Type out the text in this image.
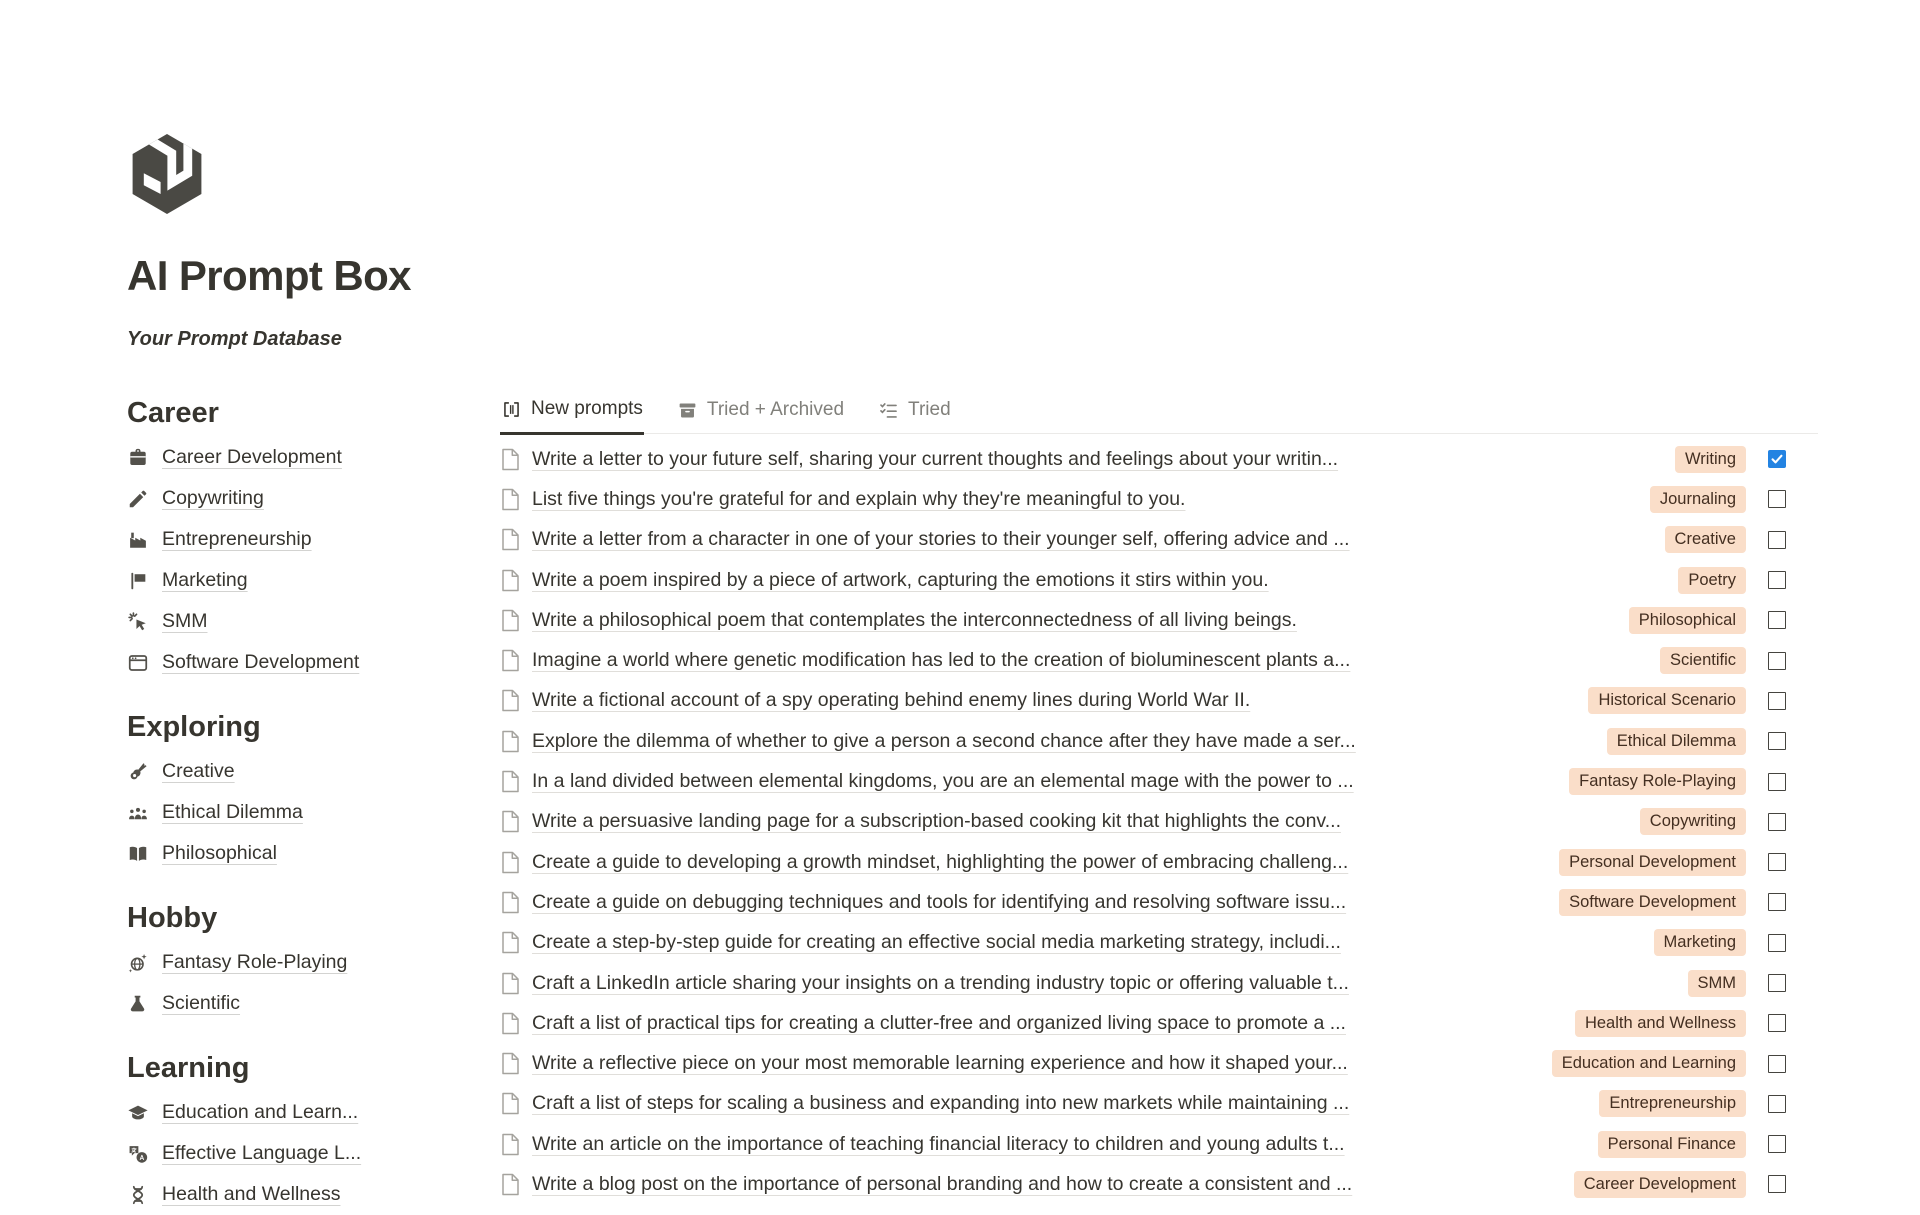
AI Prompt Box
Your Prompt Database
Career
Career Development
Copywriting
Entrepreneurship
Marketing
SMM
Software Development
Exploring
Creative
Ethical Dilemma
Philosophical
Hobby
Fantasy Role-Playing
Scientific
Learning
Education and Learn...
Effective Language L...
Health and Wellness
New prompts	Tried + Archived	Tried
Write a letter to your future self, sharing your current thoughts and feelings about your writin...	Writing
List five things you're grateful for and explain why they're meaningful to you.	Journaling
Write a letter from a character in one of your stories to their younger self, offering advice and ...	Creative
Write a poem inspired by a piece of artwork, capturing the emotions it stirs within you.	Poetry
Write a philosophical poem that contemplates the interconnectedness of all living beings.	Philosophical
Imagine a world where genetic modification has led to the creation of bioluminescent plants a...	Scientific
Write a fictional account of a spy operating behind enemy lines during World War II.	Historical Scenario
Explore the dilemma of whether to give a person a second chance after they have made a ser...	Ethical Dilemma
In a land divided between elemental kingdoms, you are an elemental mage with the power to ...	Fantasy Role-Playing
Write a persuasive landing page for a subscription-based cooking kit that highlights the conv...	Copywriting
Create a guide to developing a growth mindset, highlighting the power of embracing challeng...	Personal Development
Create a guide on debugging techniques and tools for identifying and resolving software issu...	Software Development
Create a step-by-step guide for creating an effective social media marketing strategy, includi...	Marketing
Craft a LinkedIn article sharing your insights on a trending industry topic or offering valuable t...	SMM
Craft a list of practical tips for creating a clutter-free and organized living space to promote a ...	Health and Wellness
Write a reflective piece on your most memorable learning experience and how it shaped your...	Education and Learning
Craft a list of steps for scaling a business and expanding into new markets while maintaining ...	Entrepreneurship
Write an article on the importance of teaching financial literacy to children and young adults t...	Personal Finance
Write a blog post on the importance of personal branding and how to create a consistent and ...	Career Development
